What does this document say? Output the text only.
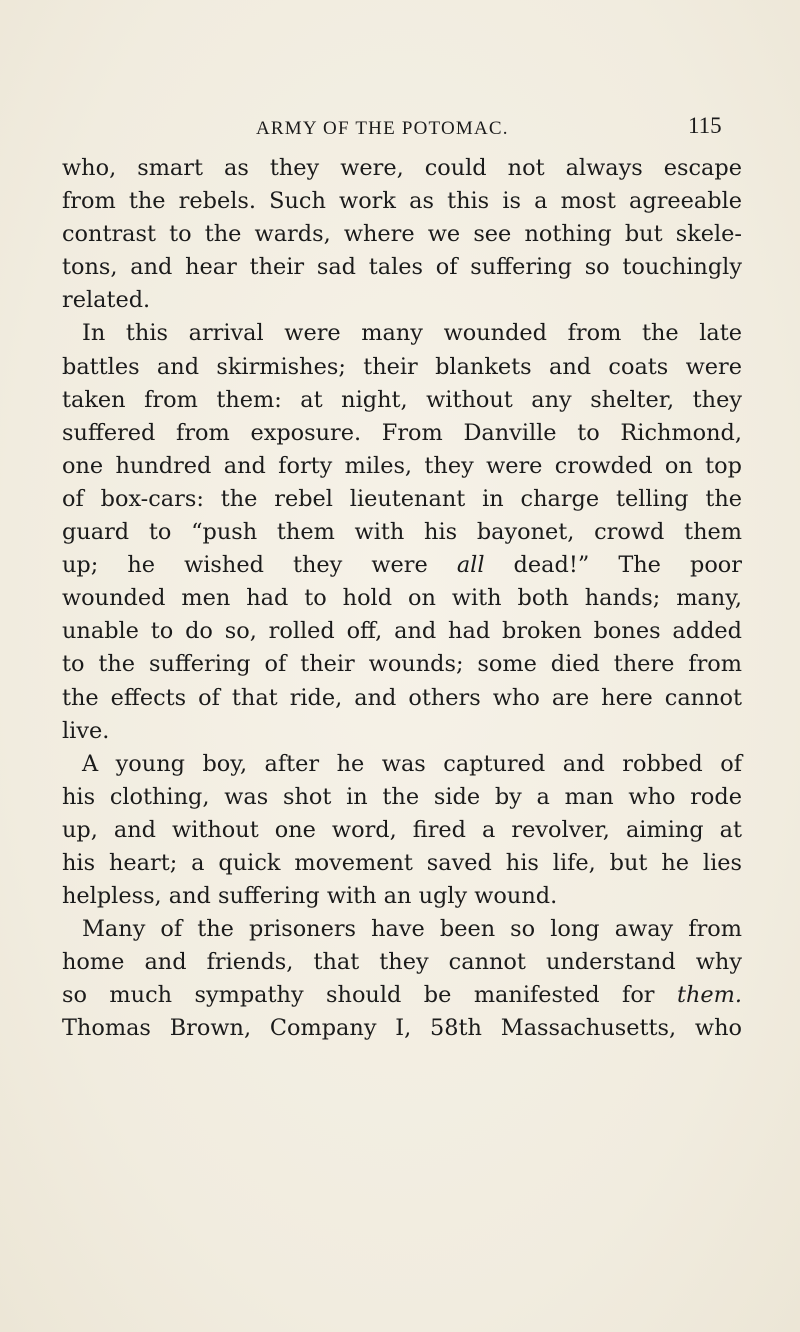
ARMY OF THE POTOMAC.	115
who, smart as they were, could not always escape
from the rebels. Such work as this is a most agreeable
contrast to the wards, where we see nothing but skele-
tons, and hear their sad tales of suffering so touchingly
related.
In this arrival were many wounded from the late
battles and skirmishes; their blankets and coats were
taken from them: at night, without any shelter, they
suffered from exposure. From Danville to Richmond,
one hundred and forty miles, they were crowded on top
of box-cars: the rebel lieutenant in charge telling the
guard to “push them with his bayonet, crowd them
up; he wished they were all dead!” The poor
wounded men had to hold on with both hands; many,
unable to do so, rolled off, and had broken bones added
to the suffering of their wounds; some died there from
the effects of that ride, and others who are here cannot
live.
A young boy, after he was captured and robbed of
his clothing, was shot in the side by a man who rode
up, and without one word, fired a revolver, aiming at
his heart; a quick movement saved his life, but he lies
helpless, and suffering with an ugly wound.
Many of the prisoners have been so long away from
home and friends, that they cannot understand why
so much sympathy should be manifested for them.
Thomas Brown, Company I, 58th Massachusetts, who
